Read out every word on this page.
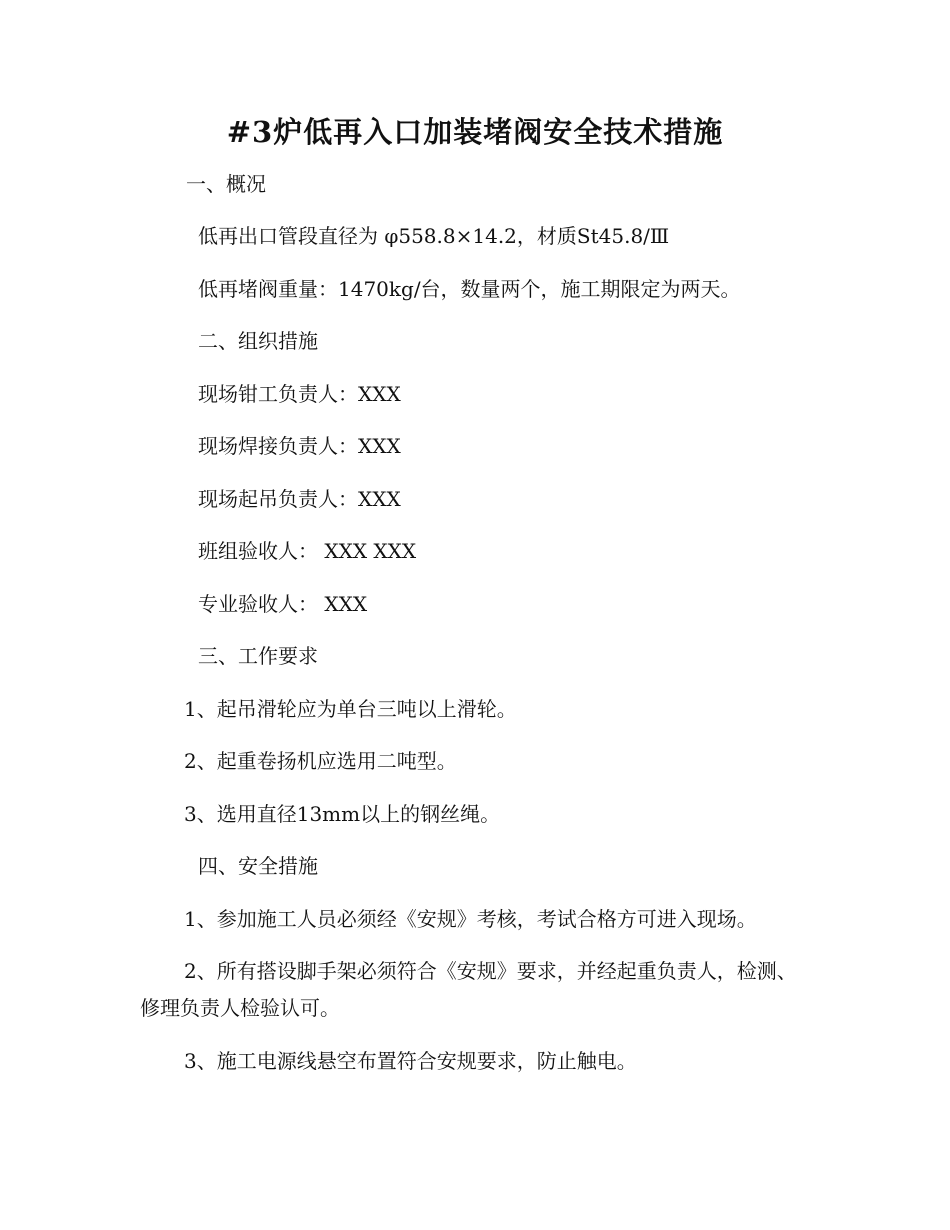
#3炉低再入口加装堵阀安全技术措施

一、概况

低再出口管段直径为 φ558.8×14.2，材质St45.8/Ⅲ

低再堵阀重量：1470kg/台，数量两个，施工期限定为两天。

二、组织措施

现场钳工负责人：XXX

现场焊接负责人：XXX

现场起吊负责人：XXX

班组验收人： XXX XXX

专业验收人： XXX

三、工作要求

1、起吊滑轮应为单台三吨以上滑轮。

2、起重卷扬机应选用二吨型。

3、选用直径13mm以上的钢丝绳。

四、安全措施

1、参加施工人员必须经《安规》考核，考试合格方可进入现场。

2、所有搭设脚手架必须符合《安规》要求，并经起重负责人，检测、修理负责人检验认可。

3、施工电源线悬空布置符合安规要求，防止触电。
